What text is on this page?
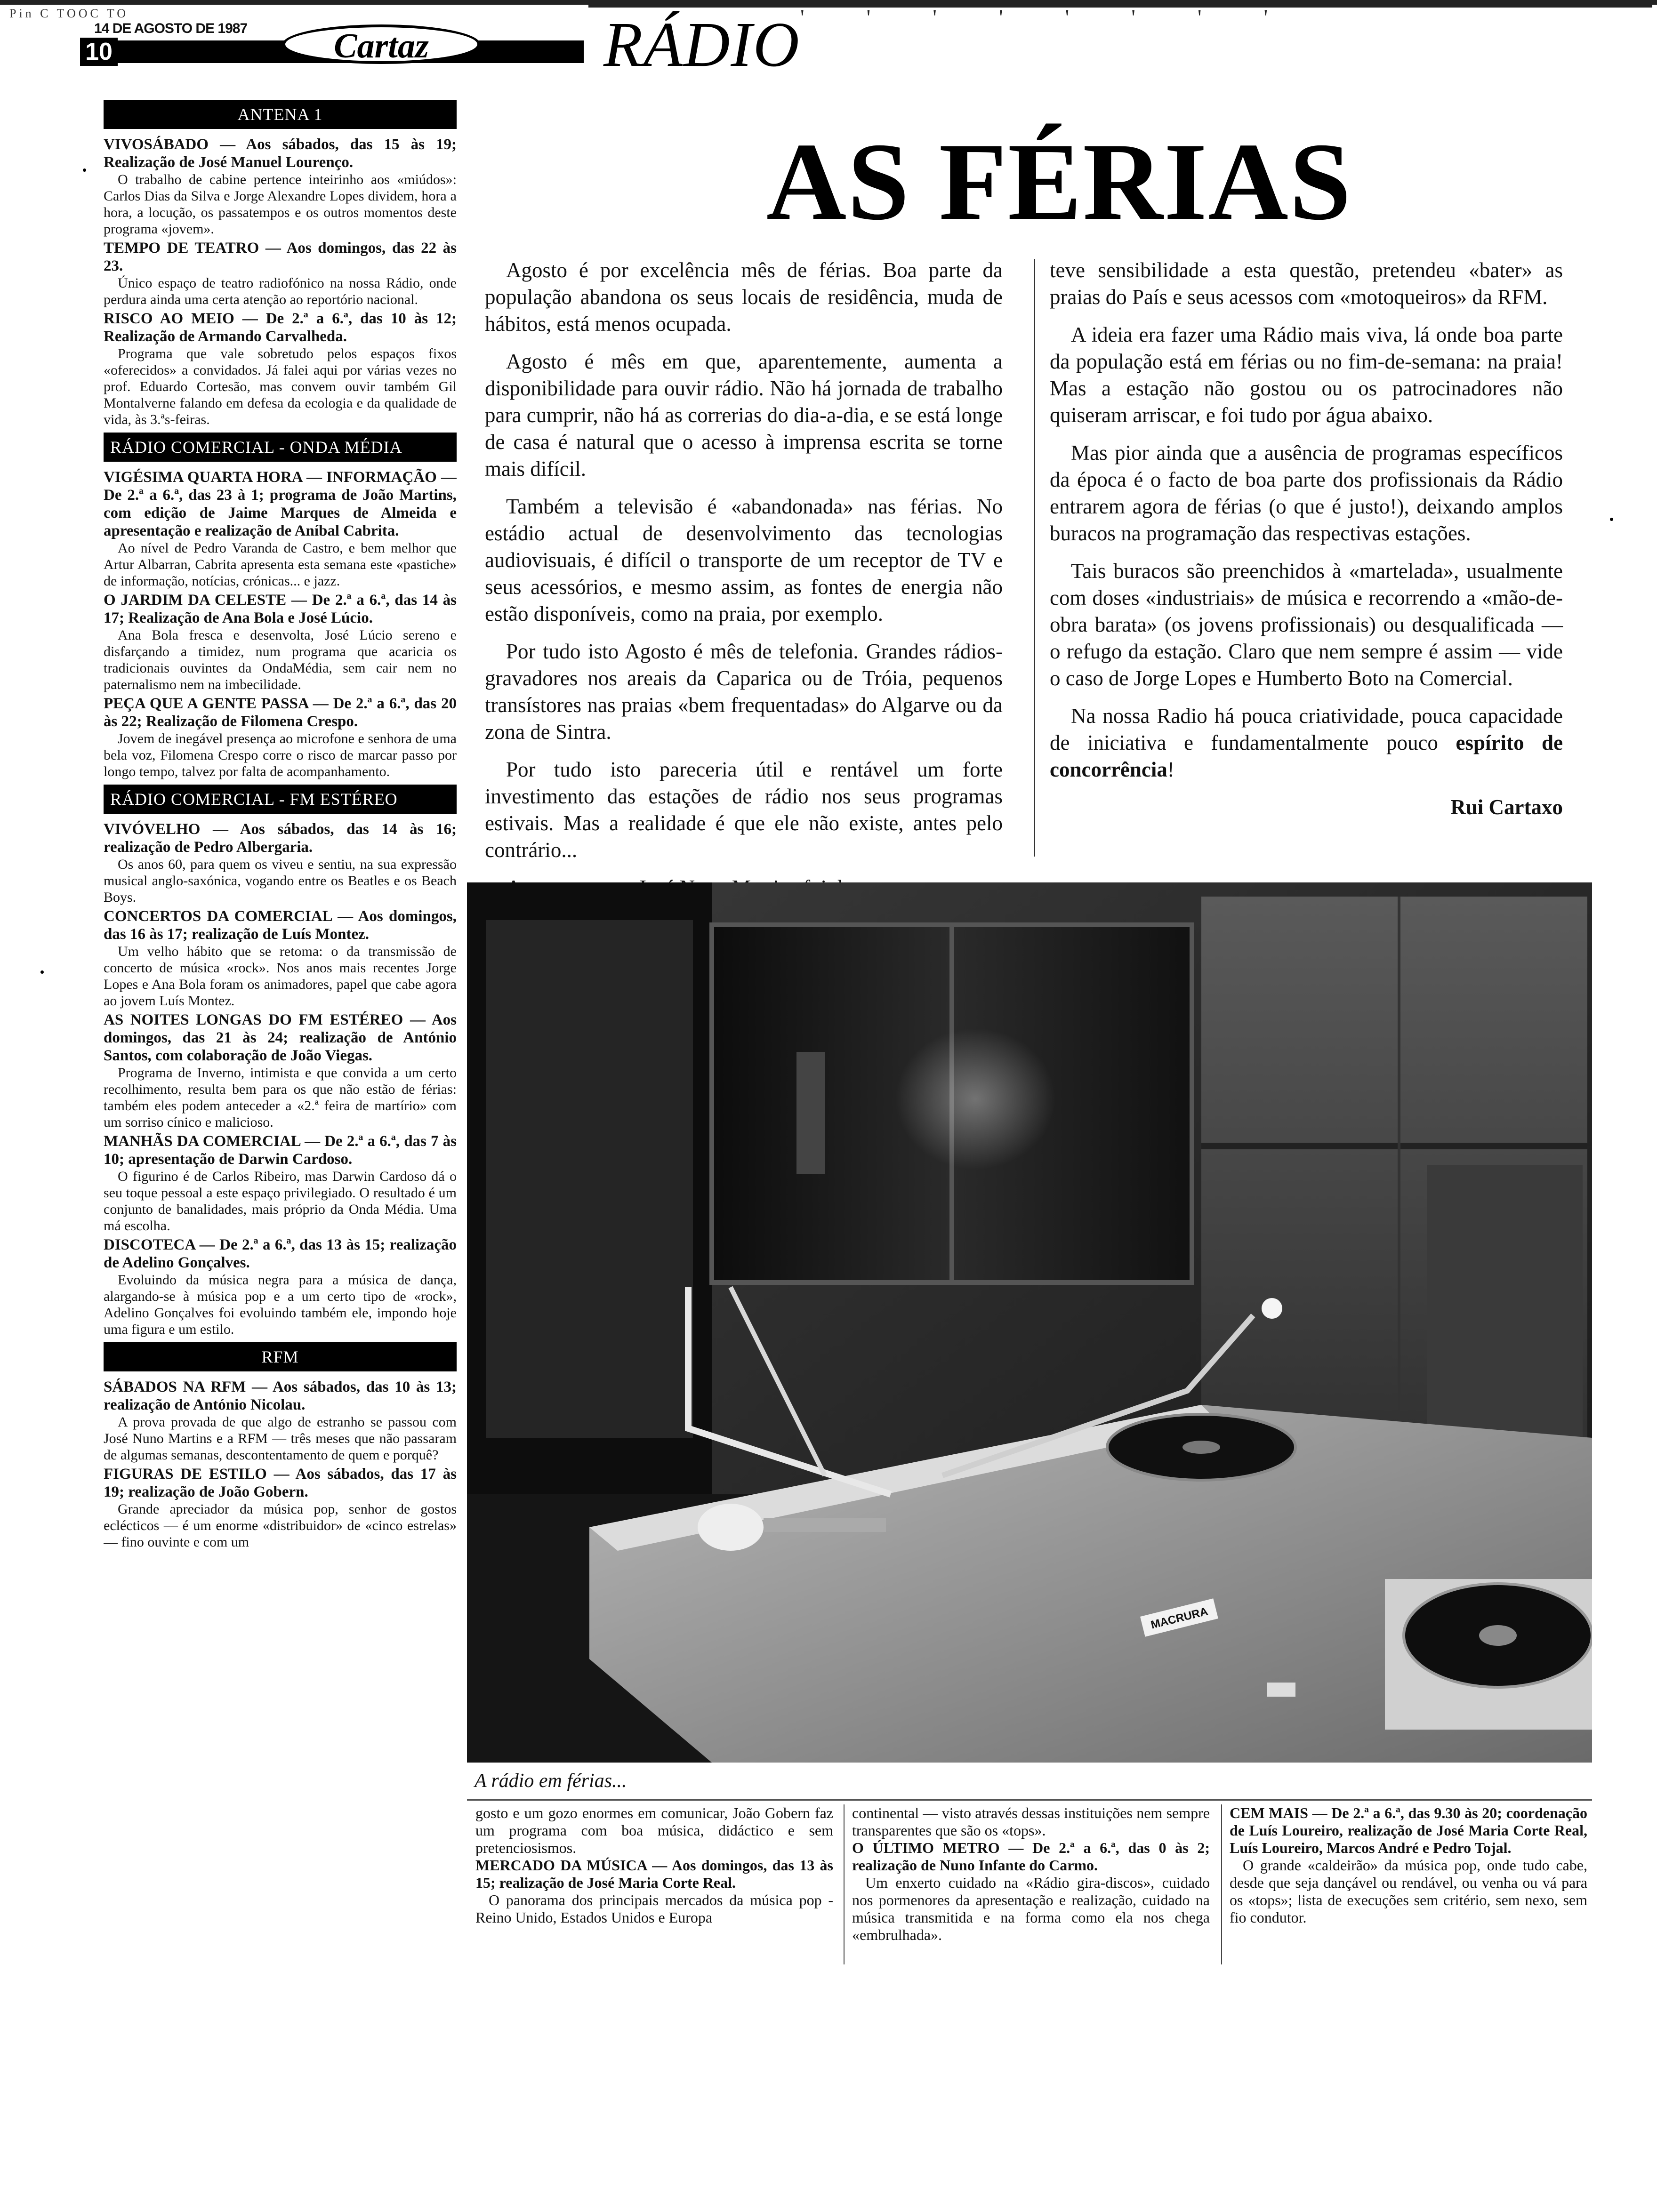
Pin C TOOC TO
14 DE AGOSTO DE 1987
10	Cartaz	RÁDIO ' ' ' ' ' ' ' '
ANTENA 1
VIVOSÁBADO — Aos sábados, das 15 às 19; Realização de José Manuel Lourenço.
O trabalho de cabine pertence inteirinho aos «miúdos»: Carlos Dias da Silva e Jorge Alexandre Lopes dividem, hora a hora, a locução, os passatempos e os outros momentos deste programa «jovem».
TEMPO DE TEATRO — Aos domingos, das 22 às 23.
Único espaço de teatro radiofónico na nossa Rádio, onde perdura ainda uma certa atenção ao reportório nacional.
RISCO AO MEIO — De 2.ª a 6.ª, das 10 às 12; Realização de Armando Carvalheda.
Programa que vale sobretudo pelos espaços fixos «oferecidos» a convidados. Já falei aqui por várias vezes no prof. Eduardo Cortesão, mas convem ouvir também Gil Montalverne falando em defesa da ecologia e da qualidade de vida, às 3.ªs-feiras.
RÁDIO COMERCIAL - ONDA MÉDIA
VIGÉSIMA QUARTA HORA — INFORMAÇÃO — De 2.ª a 6.ª, das 23 à 1; programa de João Martins, com edição de Jaime Marques de Almeida e apresentação e realização de Aníbal Cabrita.
Ao nível de Pedro Varanda de Castro, e bem melhor que Artur Albarran, Cabrita apresenta esta semana este «pastiche» de informação, notícias, crónicas... e jazz.
O JARDIM DA CELESTE — De 2.ª a 6.ª, das 14 às 17; Realização de Ana Bola e José Lúcio.
Ana Bola fresca e desenvolta, José Lúcio sereno e disfarçando a timidez, num programa que acaricia os tradicionais ouvintes da OndaMédia, sem cair nem no paternalismo nem na imbecilidade.
PEÇA QUE A GENTE PASSA — De 2.ª a 6.ª, das 20 às 22; Realização de Filomena Crespo.
Jovem de inegável presença ao microfone e senhora de uma bela voz, Filomena Crespo corre o risco de marcar passo por longo tempo, talvez por falta de acompanhamento.
RÁDIO COMERCIAL - FM ESTÉREO
VIVÓVELHO — Aos sábados, das 14 às 16; realização de Pedro Albergaria.
Os anos 60, para quem os viveu e sentiu, na sua expressão musical anglo-saxónica, vogando entre os Beatles e os Beach Boys.
CONCERTOS DA COMERCIAL — Aos domingos, das 16 às 17; realização de Luís Montez.
Um velho hábito que se retoma: o da transmissão de concerto de música «rock». Nos anos mais recentes Jorge Lopes e Ana Bola foram os animadores, papel que cabe agora ao jovem Luís Montez.
AS NOITES LONGAS DO FM ESTÉREO — Aos domingos, das 21 às 24; realização de António Santos, com colaboração de João Viegas.
Programa de Inverno, intimista e que convida a um certo recolhimento, resulta bem para os que não estão de férias: também eles podem anteceder a «2.ª feira de martírio» com um sorriso cínico e malicioso.
MANHÃS DA COMERCIAL — De 2.ª a 6.ª, das 7 às 10; apresentação de Darwin Cardoso.
O figurino é de Carlos Ribeiro, mas Darwin Cardoso dá o seu toque pessoal a este espaço privilegiado. O resultado é um conjunto de banalidades, mais próprio da Onda Média. Uma má escolha.
DISCOTECA — De 2.ª a 6.ª, das 13 às 15; realização de Adelino Gonçalves.
Evoluindo da música negra para a música de dança, alargando-se à música pop e a um certo tipo de «rock», Adelino Gonçalves foi evoluindo também ele, impondo hoje uma figura e um estilo.
RFM
SÁBADOS NA RFM — Aos sábados, das 10 às 13; realização de António Nicolau.
A prova provada de que algo de estranho se passou com José Nuno Martins e a RFM — três meses que não passaram de algumas semanas, descontentamento de quem e porquê?
FIGURAS DE ESTILO — Aos sábados, das 17 às 19; realização de João Gobern.
Grande apreciador da música pop, senhor de gostos eclécticos — é um enorme «distribuidor» de «cinco estrelas» — fino ouvinte e com um
AS FÉRIAS

Agosto é por excelência mês de férias. Boa parte da população abandona os seus locais de residência, muda de hábitos, está menos ocupada.

Agosto é mês em que, aparentemente, aumenta a disponibilidade para ouvir rádio. Não há jornada de trabalho para cumprir, não há as correrias do dia-a-dia, e se está longe de casa é natural que o acesso à imprensa escrita se torne mais difícil.

Também a televisão é «abandonada» nas férias. No estádio actual de desenvolvimento das tecnologias audiovisuais, é difícil o transporte de um receptor de TV e seus acessórios, e mesmo assim, as fontes de energia não estão disponíveis, como na praia, por exemplo.

Por tudo isto Agosto é mês de telefonia. Grandes rádios-gravadores nos areais da Caparica ou de Tróia, pequenos transístores nas praias «bem frequentadas» do Algarve ou da zona de Sintra.

Por tudo isto pareceria útil e rentável um forte investimento das estações de rádio nos seus programas estivais. Mas a realidade é que ele não existe, antes pelo contrário...

teve sensibilidade a esta questão, pretendeu «bater» as praias do País e seus acessos com «motoqueiros» da RFM.

A ideia era fazer uma Rádio mais viva, lá onde boa parte da população está em férias ou no fim-de-semana: na praia! Mas a estação não gostou ou os patrocinadores não quiseram arriscar, e foi tudo por água abaixo.

Mas pior ainda que a ausência de programas específicos da época é o facto de boa parte dos profissionais da Rádio entrarem agora de férias (o que é justo!), deixando amplos buracos na programação das respectivas estações.

Tais buracos são preenchidos à «martelada», usualmente com doses «industriais» de música e recorrendo a «mão-de-obra barata» (os jovens profissionais) ou desqualificada — o refugo da estação. Claro que nem sempre é assim — vide o caso de Jorge Lopes e Humberto Boto na Comercial.

Na nossa Radio há pouca criatividade, pouca capacidade de iniciativa e fundamentalmente pouco espírito de concorrência!

Rui Cartaxo
MACRURA
A rádio em férias...
gosto e um gozo enormes em comunicar, João Gobern faz um programa com boa música, didáctico e sem pretenciosismos.
MERCADO DA MÚSICA — Aos domingos, das 13 às 15; realização de José Maria Corte Real.
O panorama dos principais mercados da música pop - Reino Unido, Estados Unidos e Europa
continental — visto através dessas instituições nem sempre transparentes que são os «tops».
O ÚLTIMO METRO — De 2.ª a 6.ª, das 0 às 2; realização de Nuno Infante do Carmo.
Um enxerto cuidado na «Rádio gira-discos», cuidado nos pormenores da apresentação e realização, cuidado na música transmitida e na forma como ela nos chega «embrulhada».
CEM MAIS — De 2.ª a 6.ª, das 9.30 às 20; coordenação de Luís Loureiro, realização de José Maria Corte Real, Luís Loureiro, Marcos André e Pedro Tojal.
O grande «caldeirão» da música pop, onde tudo cabe, desde que seja dançável ou rendável, ou venha ou vá para os «tops»; lista de execuções sem critério, sem nexo, sem fio condutor.
